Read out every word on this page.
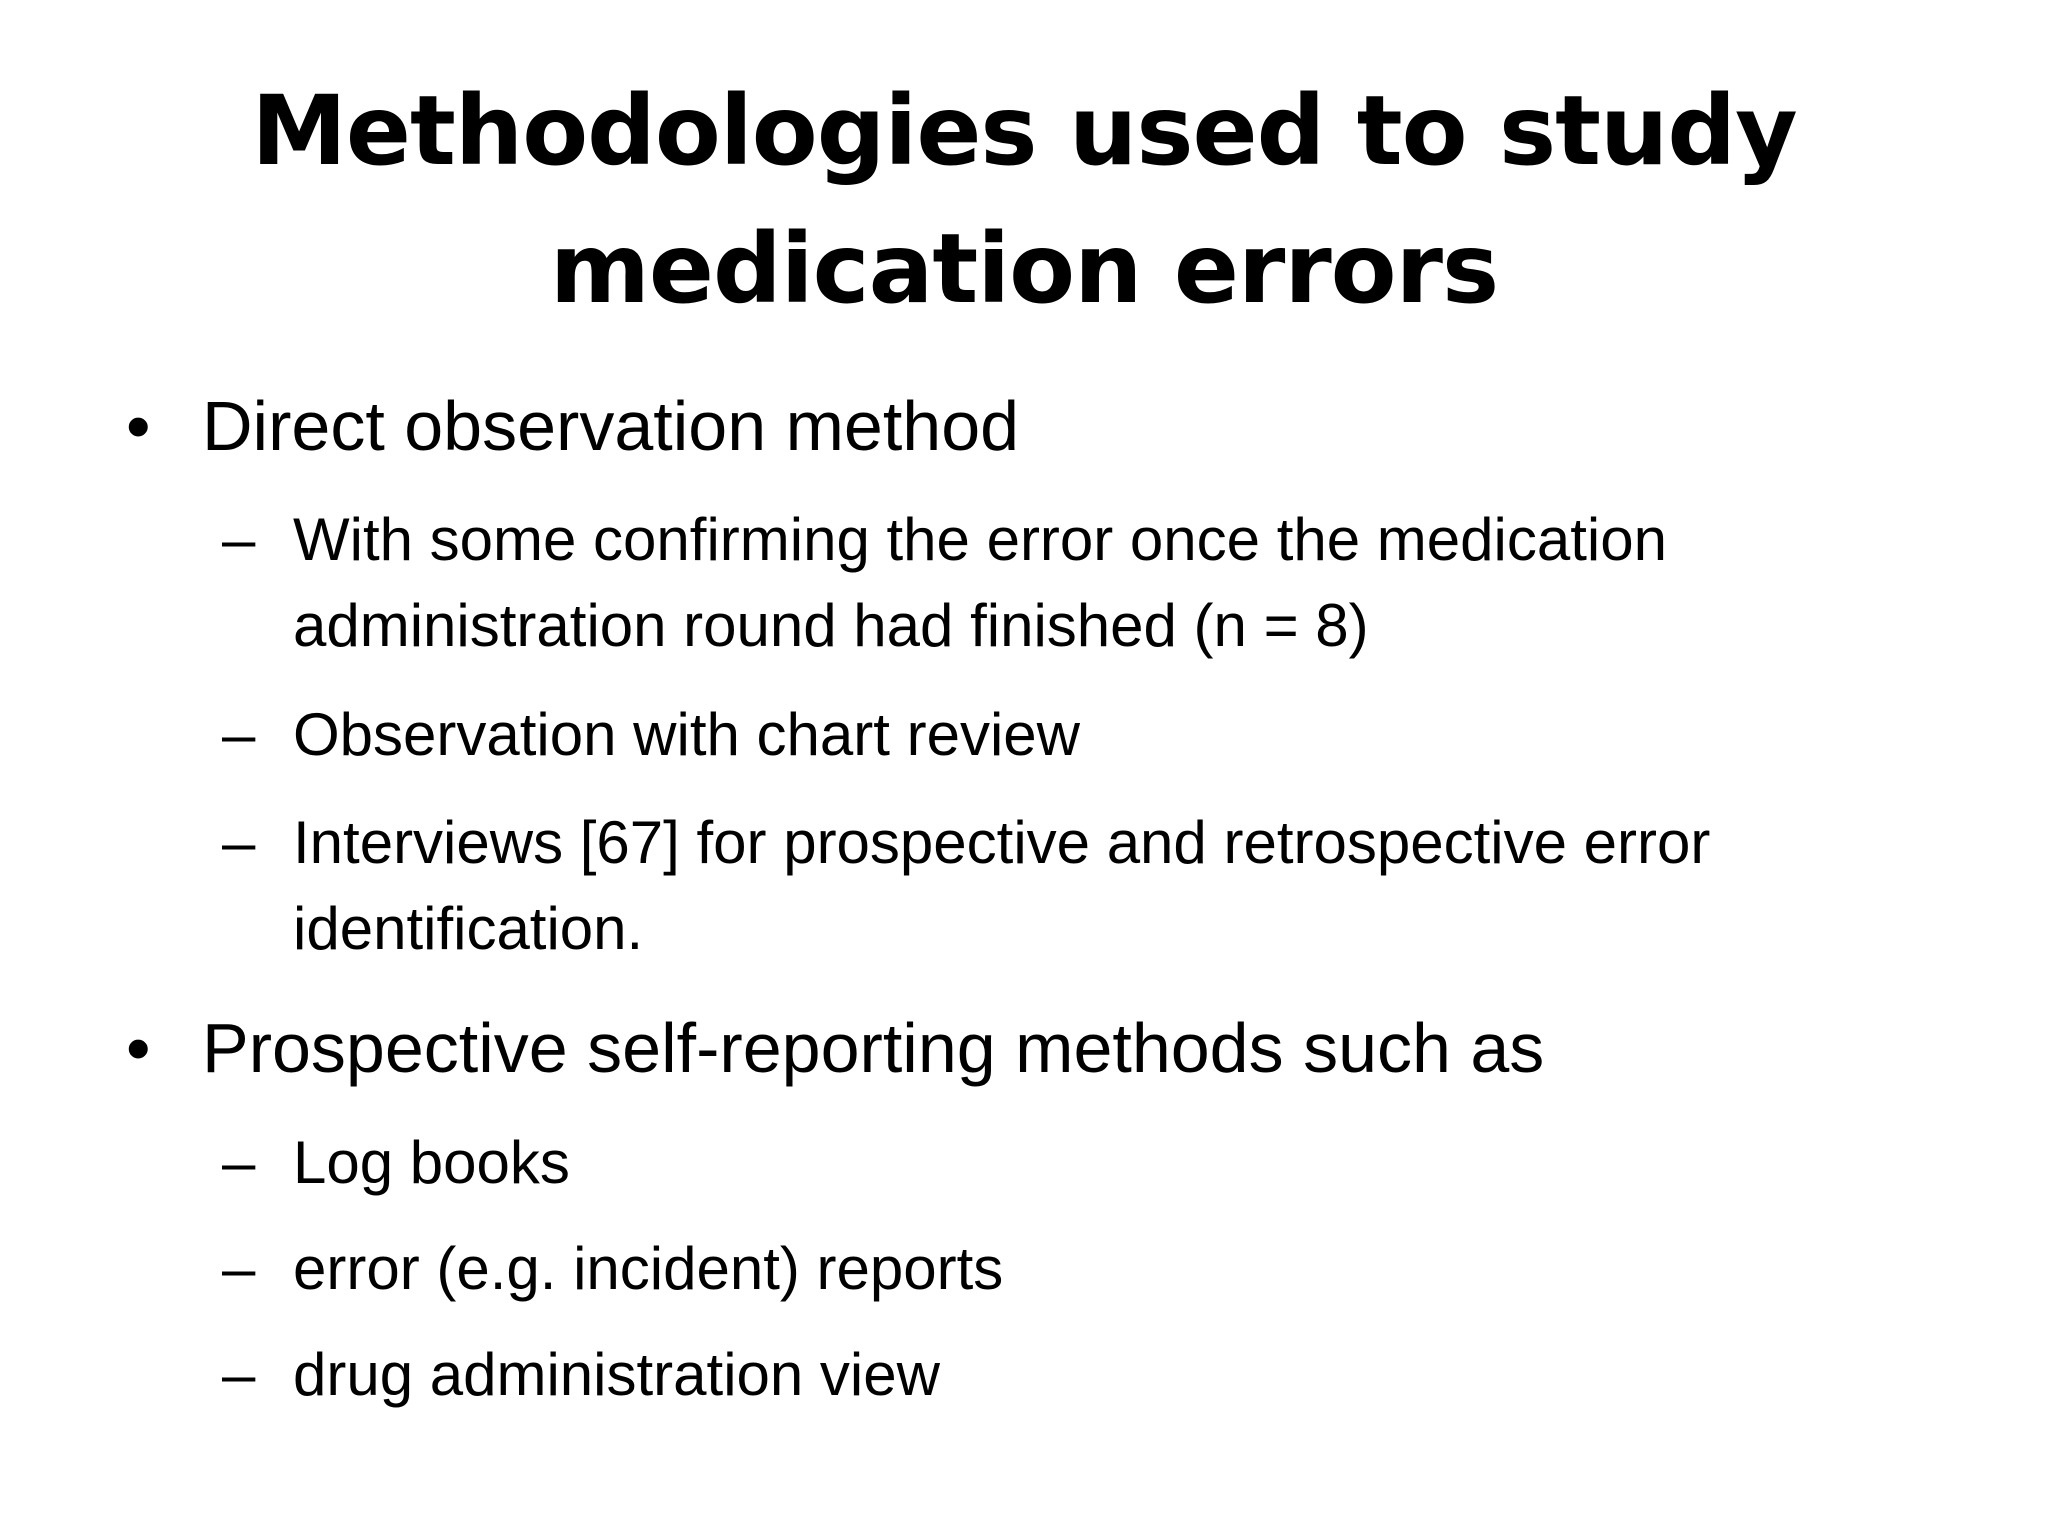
Methodologies used to study
medication errors
• Direct observation method
– With some confirming the error once the medication
administration round had finished (n = 8)
– Observation with chart review
– Interviews [67] for prospective and retrospective error
identification.
• Prospective self-reporting methods such as
– Log books
– error (e.g. incident) reports
– drug administration view
